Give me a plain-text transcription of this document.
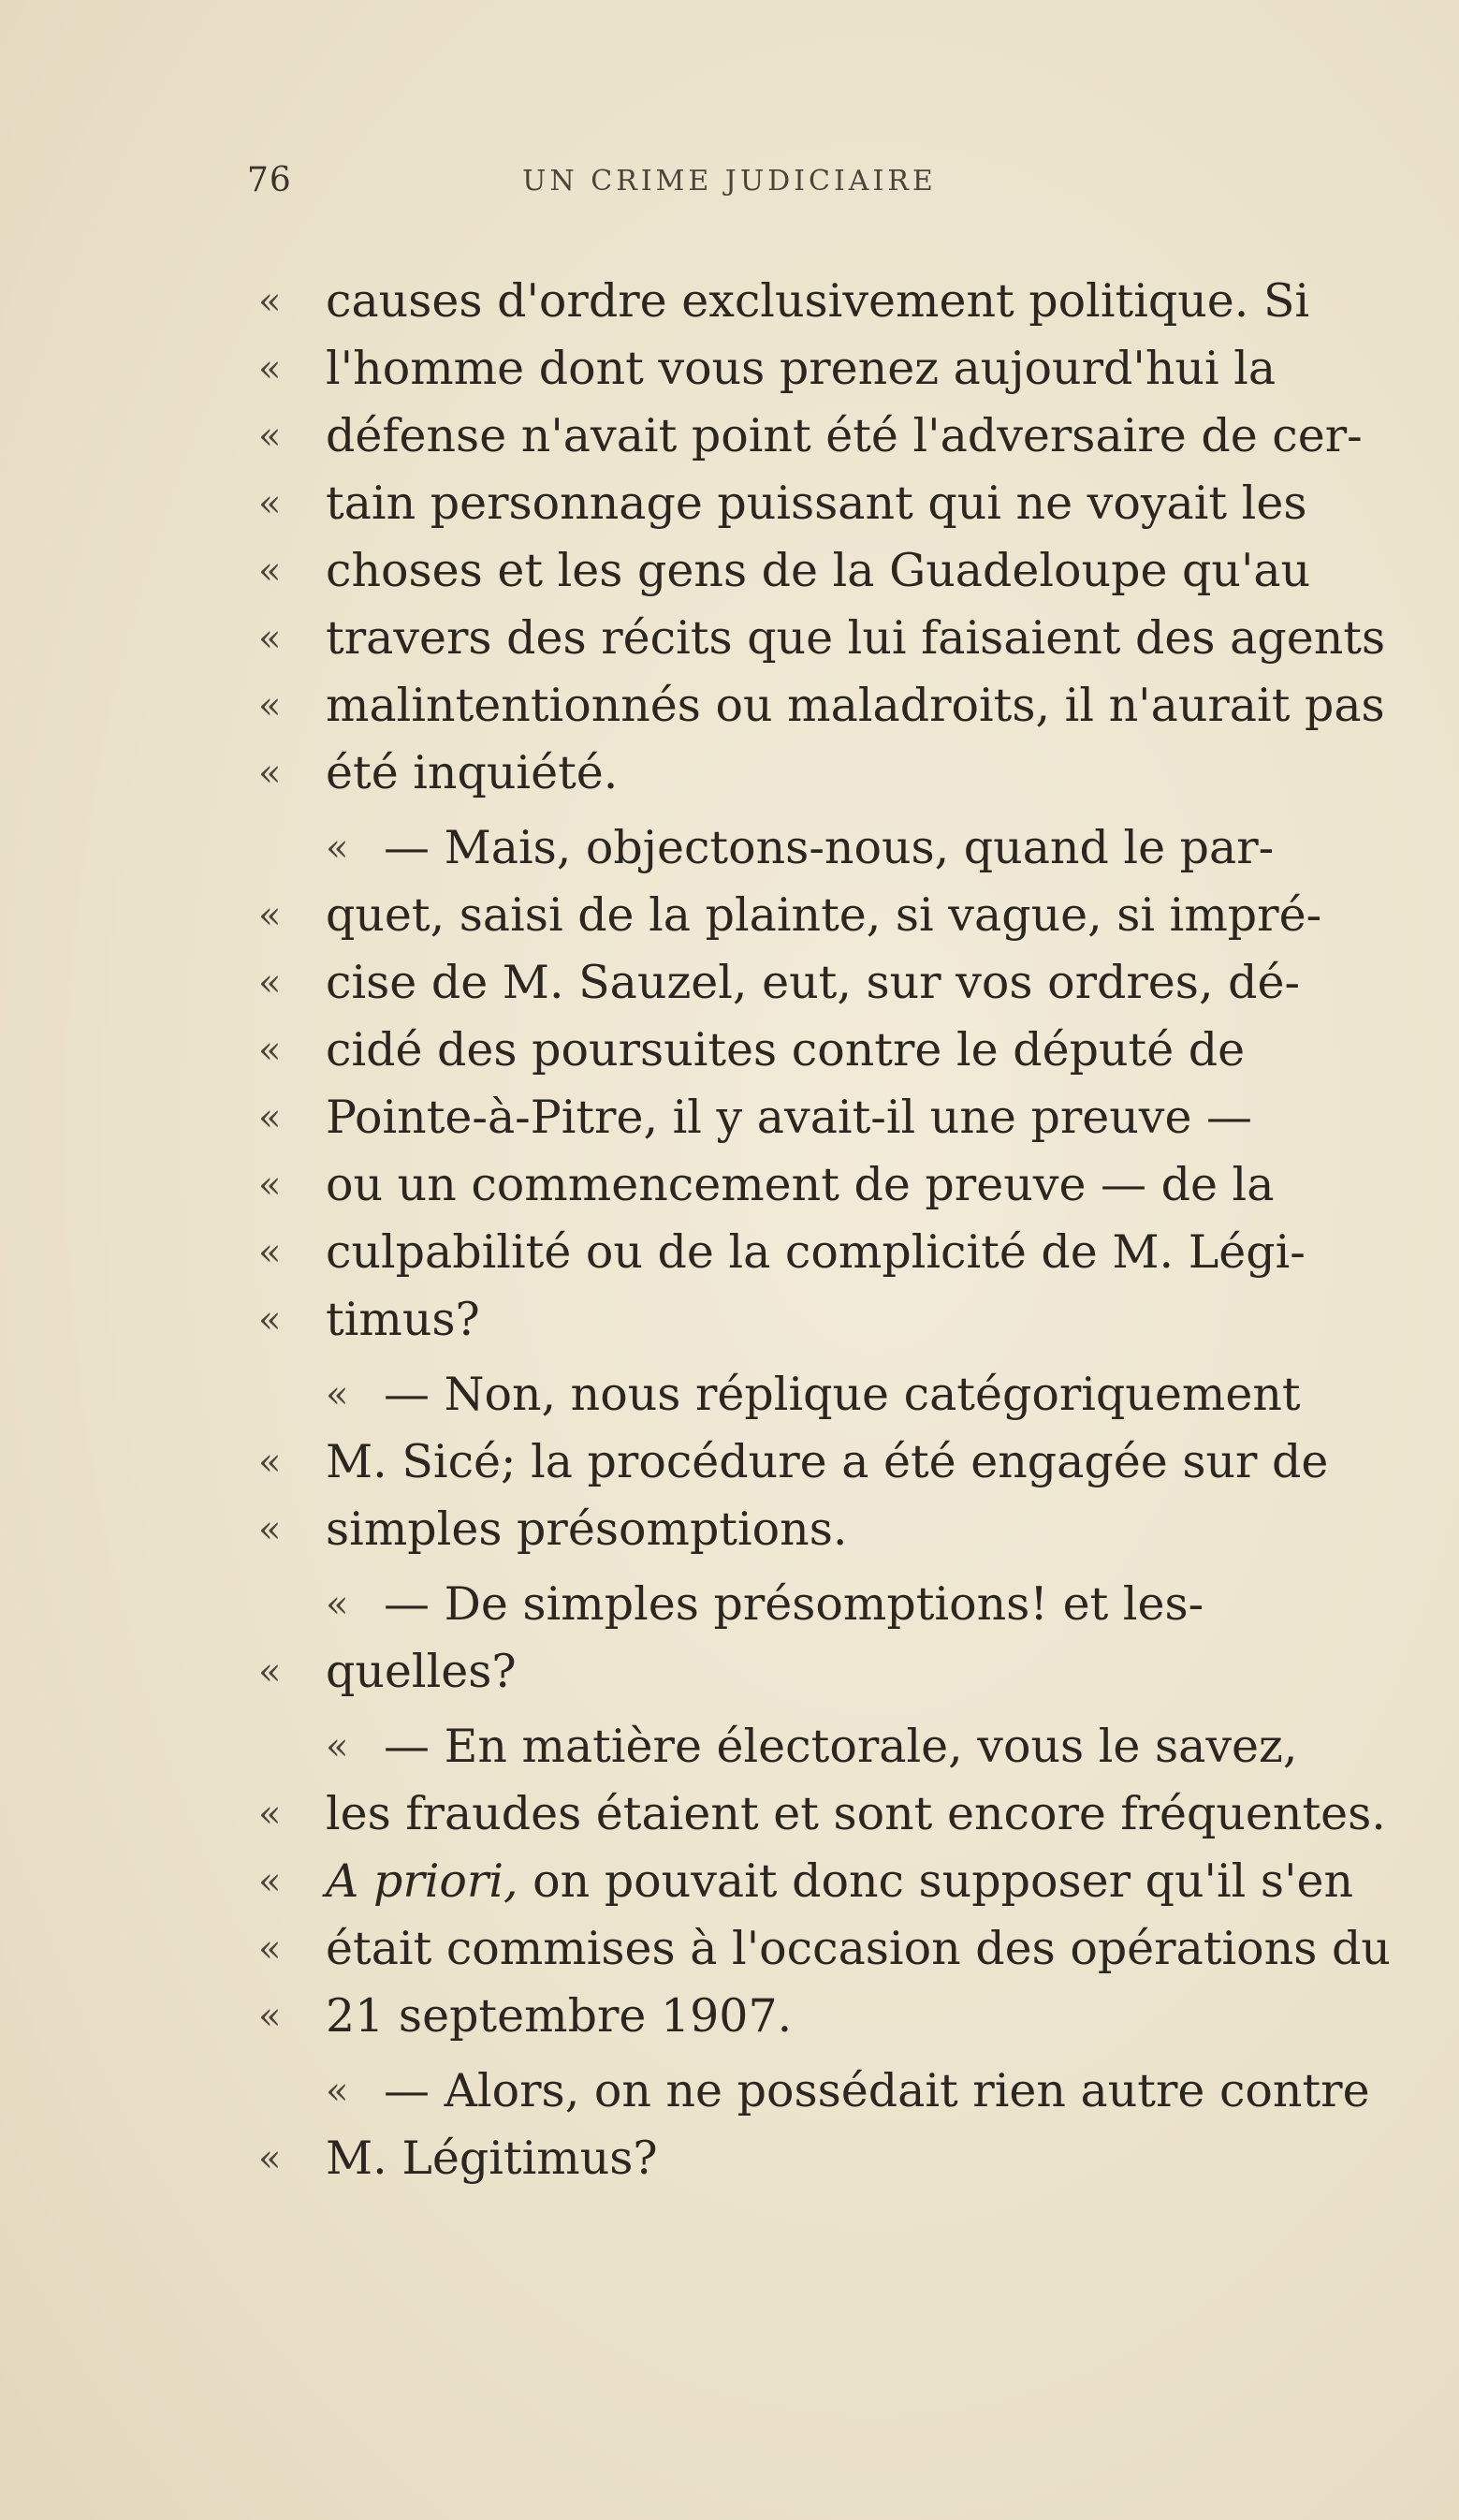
76	UN CRIME JUDICIAIRE
« causes d'ordre exclusivement politique. Si
« l'homme dont vous prenez aujourd'hui la
« défense n'avait point été l'adversaire de cer-
« tain personnage puissant qui ne voyait les
« choses et les gens de la Guadeloupe qu'au
« travers des récits que lui faisaient des agents
« malintentionnés ou maladroits, il n'aurait pas
« été inquiété.
« — Mais, objectons-nous, quand le par-
« quet, saisi de la plainte, si vague, si impré-
« cise de M. Sauzel, eut, sur vos ordres, dé-
« cidé des poursuites contre le député de
« Pointe-à-Pitre, il y avait-il une preuve —
« ou un commencement de preuve — de la
« culpabilité ou de la complicité de M. Légi-
« timus?
« — Non, nous réplique catégoriquement
« M. Sicé; la procédure a été engagée sur de
« simples présomptions.
« — De simples présomptions! et les-
« quelles?
« — En matière électorale, vous le savez,
« les fraudes étaient et sont encore fréquentes.
« A priori, on pouvait donc supposer qu'il s'en
« était commises à l'occasion des opérations du
« 21 septembre 1907.
« — Alors, on ne possédait rien autre contre
« M. Légitimus?
